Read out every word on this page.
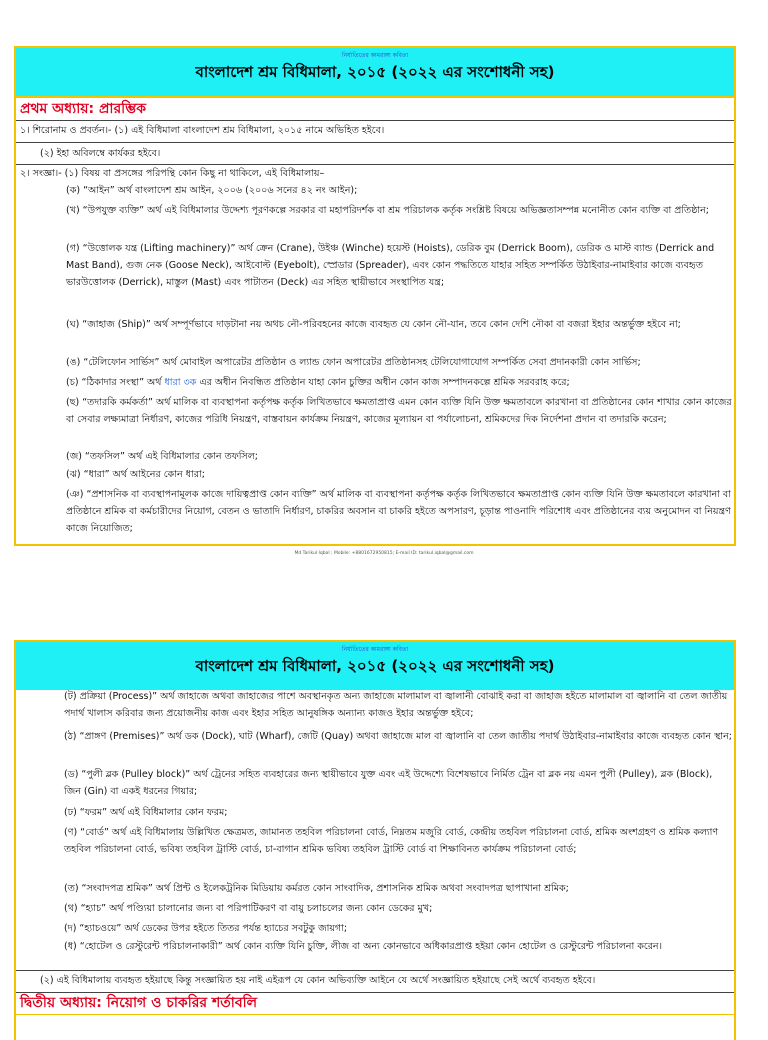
নির্যাতিতের কামরাঙ্গা কবিতা
বাংলাদেশ শ্রম বিধিমালা, ২০১৫ (২০২২ এর সংশোধনী সহ)
প্রথম অধ্যায়: প্রারম্ভিক

১। শিরোনাম ও প্রবর্তন।- (১) এই বিধিমালা বাংলাদেশ শ্রম বিধিমালা, ২০১৫ নামে অভিহিত হইবে।

(২) ইহা অবিলম্বে কার্যকর হইবে।

২। সংজ্ঞা।- (১) বিষয় বা প্রসঙ্গের পরিপন্থি কোন কিছু না থাকিলে, এই বিধিমালায়–

(ক) “আইন” অর্থ বাংলাদেশ শ্রম আইন, ২০০৬ (২০০৬ সনের ৪২ নং আইন);

(খ) “উপযুক্ত ব্যক্তি” অর্থ এই বিধিমালার উদ্দেশ্য পূরণকল্পে সরকার বা মহাপরিদর্শক বা শ্রম পরিচালক কর্তৃক সংশ্লিষ্ট বিষয়ে অভিজ্ঞতাসম্পন্ন মনোনীত কোন ব্যক্তি বা প্রতিষ্ঠান;

(গ) “উত্তোলক যন্ত্র (Lifting machinery)” অর্থ ক্রেন (Crane), উইঞ্চ (Winche) হয়েস্ট (Hoists), ডেরিক বুম (Derrick Boom), ডেরিক ও মাস্ট ব্যান্ড (Derrick and Mast Band), গুজ নেক (Goose Neck), আইবোল্ট (Eyebolt), স্প্রেডার (Spreader), এবং কোন পদ্ধতিতে যাহার সহিত সম্পর্কিত উঠাইবার-নামাইবার কাজে ব্যবহৃত ভারউত্তোলক (Derrick), মাস্তুল (Mast) এবং পাটাতন (Deck) এর সহিত স্থায়ীভাবে সংস্থাপিত যন্ত্র;

(ঘ) “জাহাজ (Ship)” অর্থ সম্পূর্ণভাবে দাড়টানা নয় অথচ নৌ-পরিবহনের কাজে ব্যবহৃত যে কোন নৌ-যান, তবে কোন দেশি নৌকা বা বজরা ইহার অন্তর্ভুক্ত হইবে না;

(ঙ) “টেলিফোন সার্ভিস” অর্থ মোবাইল অপারেটর প্রতিষ্ঠান ও ল্যান্ড ফোন অপারেটর প্রতিষ্ঠানসহ টেলিযোগাযোগ সম্পর্কিত সেবা প্রদানকারী কোন সার্ভিস;

(চ) “ঠিকাদার সংস্থা” অর্থ ধারা ৩ক এর অধীন নিবন্ধিত প্রতিষ্ঠান যাহা কোন চুক্তির অধীন কোন কাজ সম্পাদনকল্পে শ্রমিক সরবরাহ করে;

(ছ) “তদারকি কর্মকর্তা” অর্থ মালিক বা ব্যবস্থাপনা কর্তৃপক্ষ কর্তৃক লিখিতভাবে ক্ষমতাপ্রাপ্ত এমন কোন ব্যক্তি যিনি উক্ত ক্ষমতাবলে কারখানা বা প্রতিষ্ঠানের কোন শাখার কোন কাজের বা সেবার লক্ষ্যমাত্রা নির্ধারণ, কাজের পরিধি নিয়ন্ত্রণ, বাস্তবায়ন কার্যক্রম নিয়ন্ত্রণ, কাজের মূল্যায়ন বা পর্যালোচনা, শ্রমিকদের দিক নির্দেশনা প্রদান বা তদারকি করেন;

(জ) “তফসিল” অর্থ এই বিধিমালার কোন তফসিল;

(ঝ) “ধারা” অর্থ আইনের কোন ধারা;

(ঞ) “প্রশাসনিক বা ব্যবস্থাপনামূলক কাজে দায়িত্বপ্রাপ্ত কোন ব্যক্তি” অর্থ মালিক বা ব্যবস্থাপনা কর্তৃপক্ষ কর্তৃক লিখিতভাবে ক্ষমতাপ্রাপ্ত কোন ব্যক্তি যিনি উক্ত ক্ষমতাবলে কারখানা বা প্রতিষ্ঠানে শ্রমিক বা কর্মচারীদের নিয়োগ, বেতন ও ভাতাদি নির্ধারণ, চাকরির অবসান বা চাকরি হইতে অপসারণ, চূড়ান্ত পাওনাদি পরিশোধ এবং প্রতিষ্ঠানের ব্যয় অনুমোদন বা নিয়ন্ত্রণ কাজে নিয়োজিত;

Md Tarikul Iqbal ; Mobile: +8801672950815; E-mail ID: tarikul.iqbal@gmail.com
নির্যাতিতের কামরাঙ্গা কবিতা
বাংলাদেশ শ্রম বিধিমালা, ২০১৫ (২০২২ এর সংশোধনী সহ)

(ট) প্রক্রিয়া (Process)” অর্থ জাহাজে অথবা জাহাজের পাশে অবস্থানকৃত অন্য জাহাজে মালামাল বা জ্বালানী বোঝাই করা বা জাহাজ হইতে মালামাল বা জ্বালানি বা তেল জাতীয় পদার্থ খালাস করিবার জন্য প্রয়োজনীয় কাজ এবং ইহার সহিত আনুষঙ্গিক অন্যান্য কাজও ইহার অন্তর্ভুক্ত হইবে;

(ঠ) “প্রাঙ্গণ (Premises)” অর্থ ডক (Dock), ঘাট (Wharf), জেটি (Quay) অথবা জাহাজে মাল বা জ্বালানি বা তেল জাতীয় পদার্থ উঠাইবার-নামাইবার কাজে ব্যবহৃত কোন স্থান;

(ড) “পুলী ব্লক (Pulley block)” অর্থ ট্রেনের সহিত ব্যবহারের জন্য স্থায়ীভাবে যুক্ত এবং এই উদ্দেশ্যে বিশেষভাবে নির্মিত ট্রেন বা ব্লক নয় এমন পুলী (Pulley), ব্লক (Block), জিন (Gin) বা একই ধরনের গিয়ার;

(ঢ) “ফরম” অর্থ এই বিধিমালার কোন ফরম;

(ণ) “বোর্ড” অর্থ এই বিধিমালায় উল্লিখিত ক্ষেত্রমত, জামানত তহবিল পরিচালনা বোর্ড, নিম্নতম মজুরি বোর্ড, কেন্দ্রীয় তহবিল পরিচালনা বোর্ড, শ্রমিক অংশগ্রহণ ও শ্রমিক কল্যাণ তহবিল পরিচালনা বোর্ড, ভবিষ্য তহবিল ট্রাস্টি বোর্ড, চা-বাগান শ্রমিক ভবিষ্য তহবিল ট্রাস্টি বোর্ড বা শিক্ষাবিনত কার্যক্রম পরিচালনা বোর্ড;

(ত) “সংবাদপত্র শ্রমিক” অর্থ প্রিন্ট ও ইলেকট্রনিক মিডিয়ায় কর্মরত কোন সাংবাদিক, প্রশাসনিক শ্রমিক অথবা সংবাদপত্র ছাপাখানা শ্রমিক;

(থ) “হ্যাচ” অর্থ পণ্ড্যিয়া চালানোর জন্য বা পরিপাটিকরণ বা বায়ু চলাচলের জন্য কোন ডেকের মুখ;

(দ) “হ্যাচওয়ে” অর্থ ডেকের উপর হইতে তিতর পর্যন্ত হ্যাচের সবটুকু জায়গা;

(ধ) “হোটেল ও রেস্টুরেন্ট পরিচালনাকারী” অর্থ কোন ব্যক্তি যিনি চুক্তি, লীজ বা অন্য কোনভাবে অধিকারপ্রাপ্ত হইয়া কোন হোটেল ও রেস্টুরেন্ট পরিচালনা করেন।

(২) এই বিধিমালায় ব্যবহৃত হইয়াছে কিন্তু সংজ্ঞায়িত হয় নাই এইরূপ যে কোন অভিব্যক্তি আইনে যে অর্থে সংজ্ঞায়িত হইয়াছে সেই অর্থে ব্যবহৃত হইবে।

দ্বিতীয় অধ্যায়: নিয়োগ ও চাকরির শর্তাবলি
